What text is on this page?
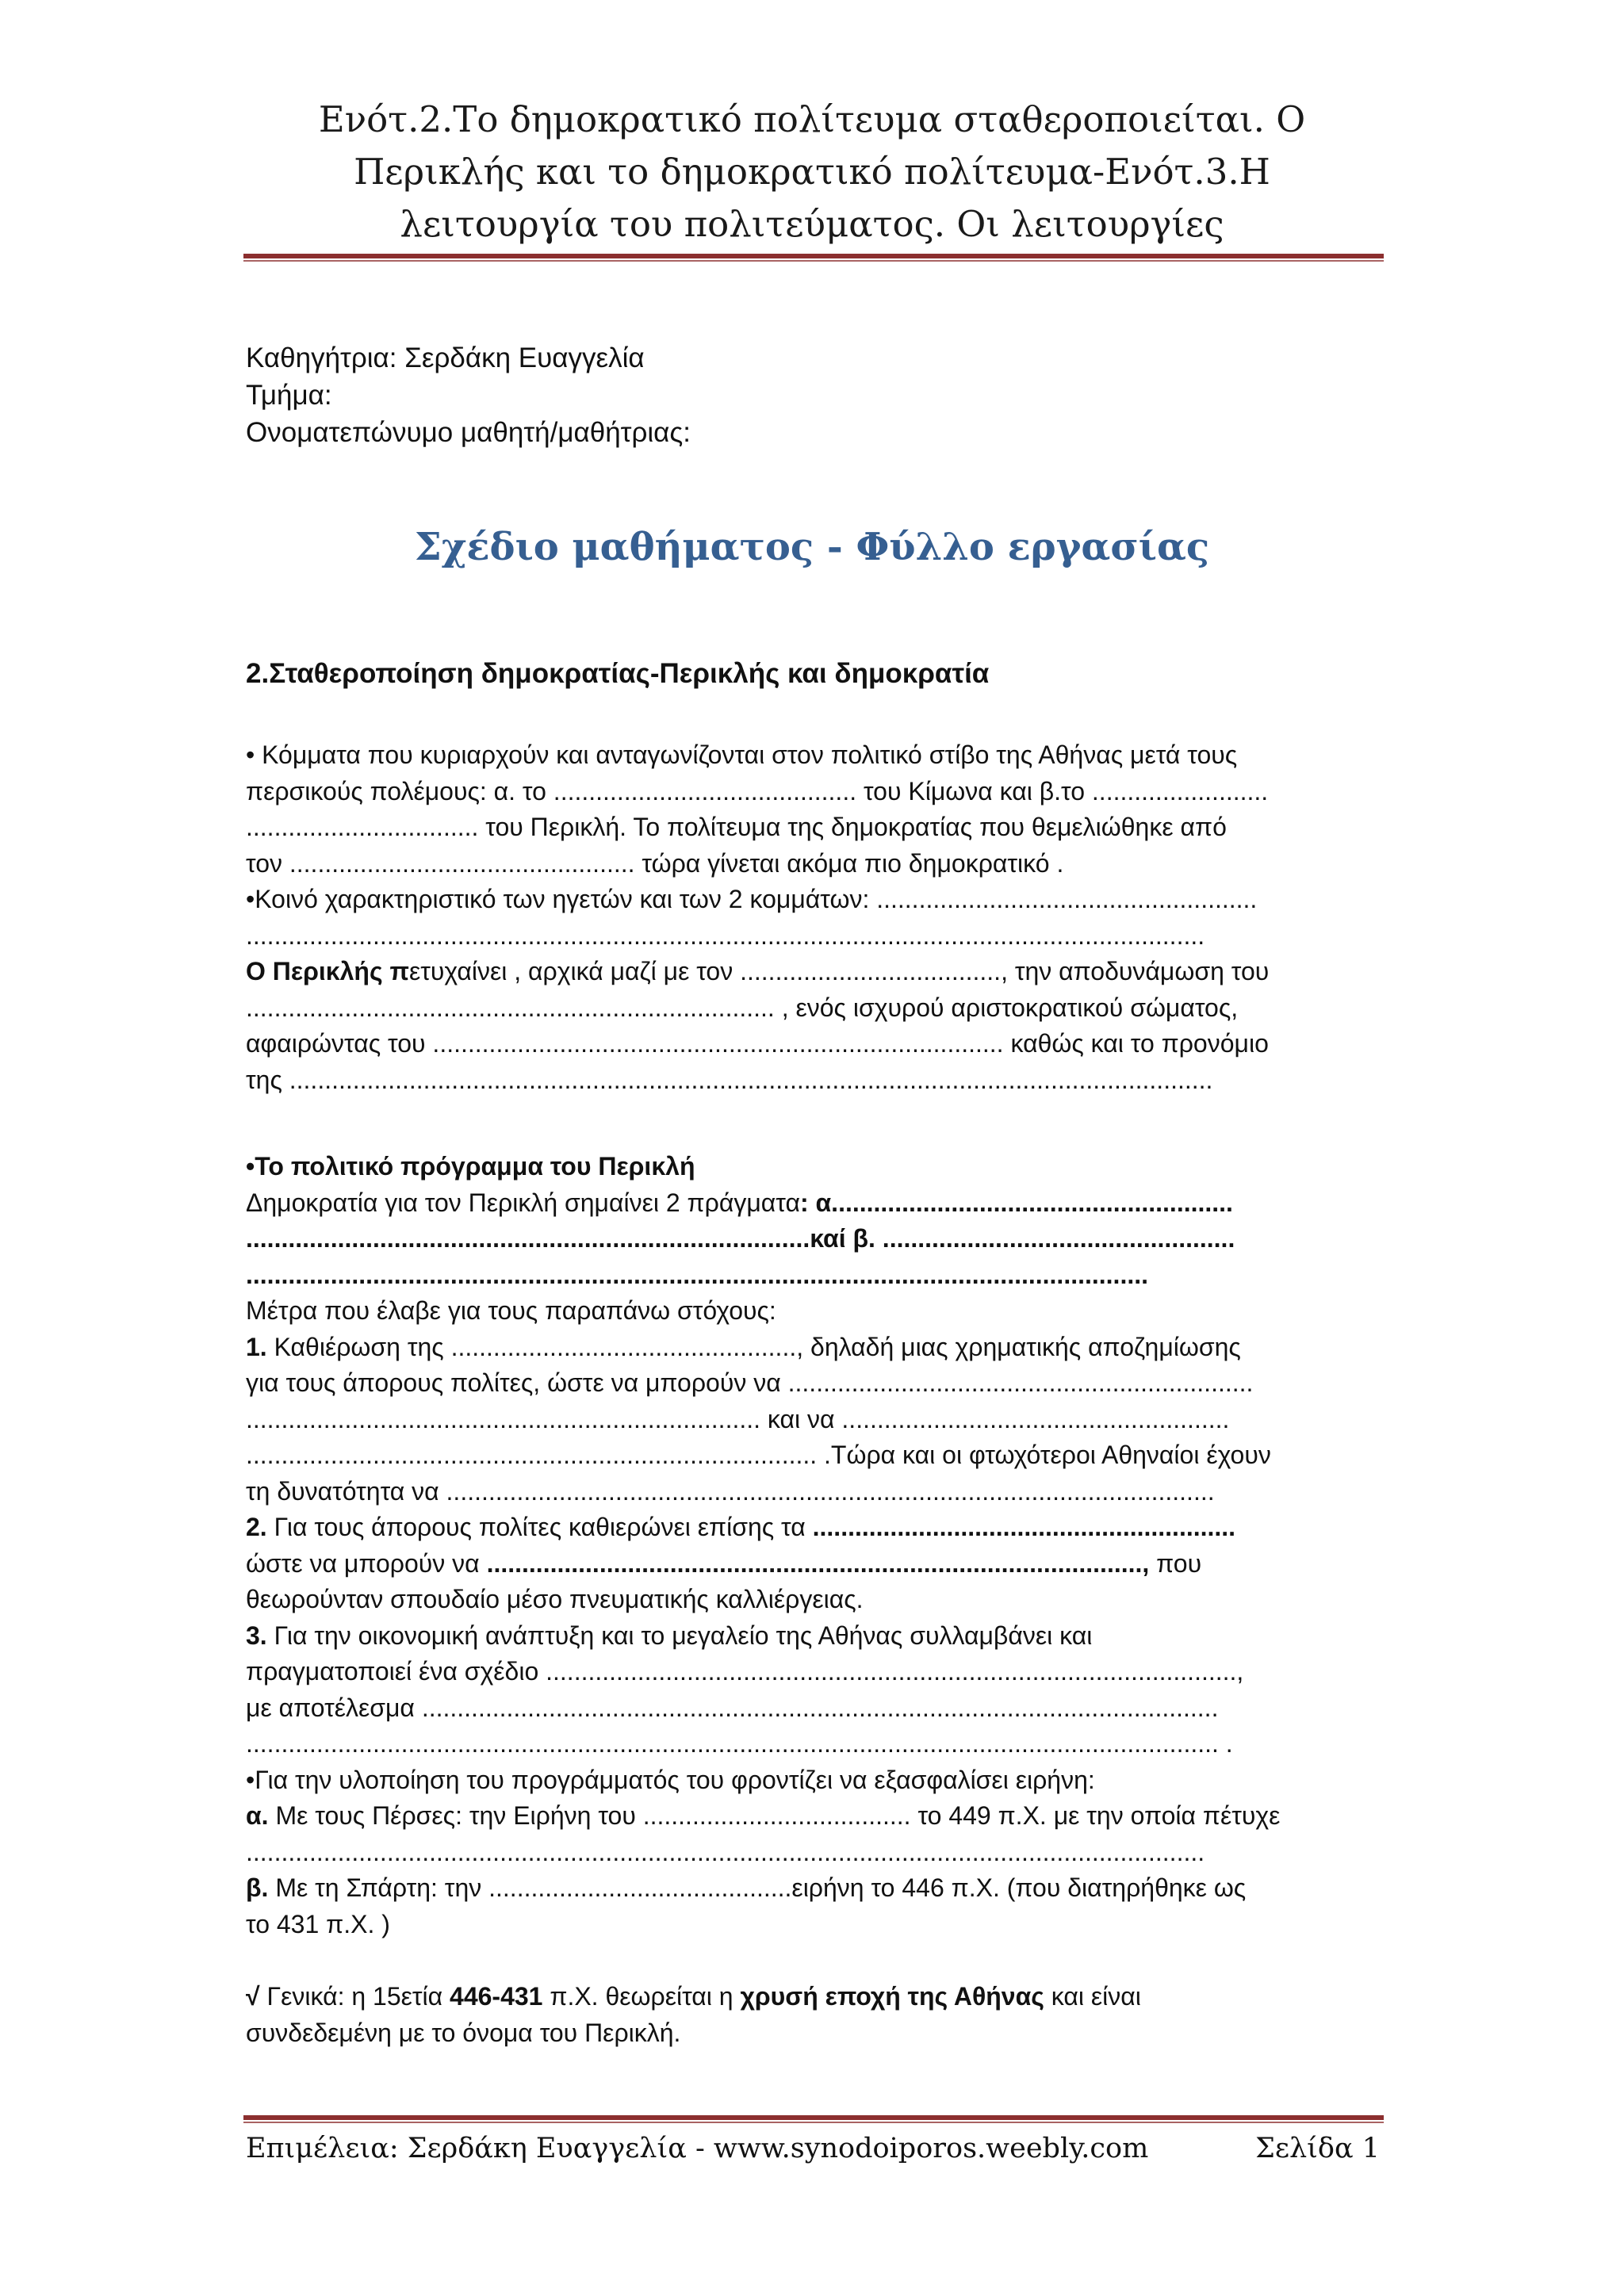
Ενότ.2.Το δημοκρατικό πολίτευμα σταθεροποιείται. Ο
Περικλής και το δημοκρατικό πολίτευμα-Ενότ.3.Η
λειτουργία του πολιτεύματος. Οι λειτουργίες
Καθηγήτρια: Σερδάκη Ευαγγελία
Τμήμα:
Ονοματεπώνυμο μαθητή/μαθήτριας:
Σχέδιο μαθήματος - Φύλλο εργασίας
2.Σταθεροποίηση δημοκρατίας-Περικλής και δημοκρατία
• Κόμματα που κυριαρχούν και ανταγωνίζονται στον πολιτικό στίβο της Αθήνας μετά τους
περσικούς πολέμους: α. το ........................................... του Κίμωνα και β.το .........................
................................. του Περικλή. Το πολίτευμα της δημοκρατίας που θεμελιώθηκε από
τον ................................................. τώρα γίνεται ακόμα πιο δημοκρατικό .
•Κοινό χαρακτηριστικό των ηγετών και των 2 κομμάτων: ......................................................
........................................................................................................................................
Ο Περικλής πετυχαίνει , αρχικά μαζί με τον ....................................., την αποδυνάμωση του
........................................................................... , ενός ισχυρού αριστοκρατικού σώματος,
αφαιρώντας του ................................................................................. καθώς και το προνόμιο
της ...................................................................................................................................
•Το πολιτικό πρόγραμμα του Περικλή
Δημοκρατία για τον Περικλή σημαίνει 2 πράγματα: α.........................................................
................................................................................καί β. ..................................................
................................................................................................................................
Μέτρα που έλαβε για τους παραπάνω στόχους:
1. Καθιέρωση της ................................................., δηλαδή μιας χρηματικής αποζημίωσης
για τους άπορους πολίτες, ώστε να μπορούν να ..................................................................
......................................................................... και να .......................................................
................................................................................. .Τώρα και οι φτωχότεροι Αθηναίοι έχουν
τη δυνατότητα να .............................................................................................................
2. Για τους άπορους πολίτες καθιερώνει επίσης τα ............................................................
ώστε να μπορούν να ............................................................................................., που
θεωρούνταν σπουδαίο μέσο πνευματικής καλλιέργειας.
3. Για την οικονομική ανάπτυξη και το μεγαλείο της Αθήνας συλλαμβάνει και
πραγματοποιεί ένα σχέδιο ..................................................................................................,
με αποτέλεσμα .................................................................................................................
.......................................................................................................................................... .
•Για την υλοποίηση του προγράμματός του φροντίζει να εξασφαλίσει ειρήνη:
α. Με τους Πέρσες: την Ειρήνη του ...................................... το 449 π.Χ. με την οποία πέτυχε
........................................................................................................................................
β. Με τη Σπάρτη: την ...........................................ειρήνη το 446 π.Χ. (που διατηρήθηκε ως
το 431 π.Χ. )
√ Γενικά: η 15ετία 446-431 π.Χ. θεωρείται η χρυσή εποχή της Αθήνας και είναι
συνδεδεμένη με το όνομα του Περικλή.
Επιμέλεια: Σερδάκη Ευαγγελία - www.synodoiporos.weebly.com	Σελίδα 1
